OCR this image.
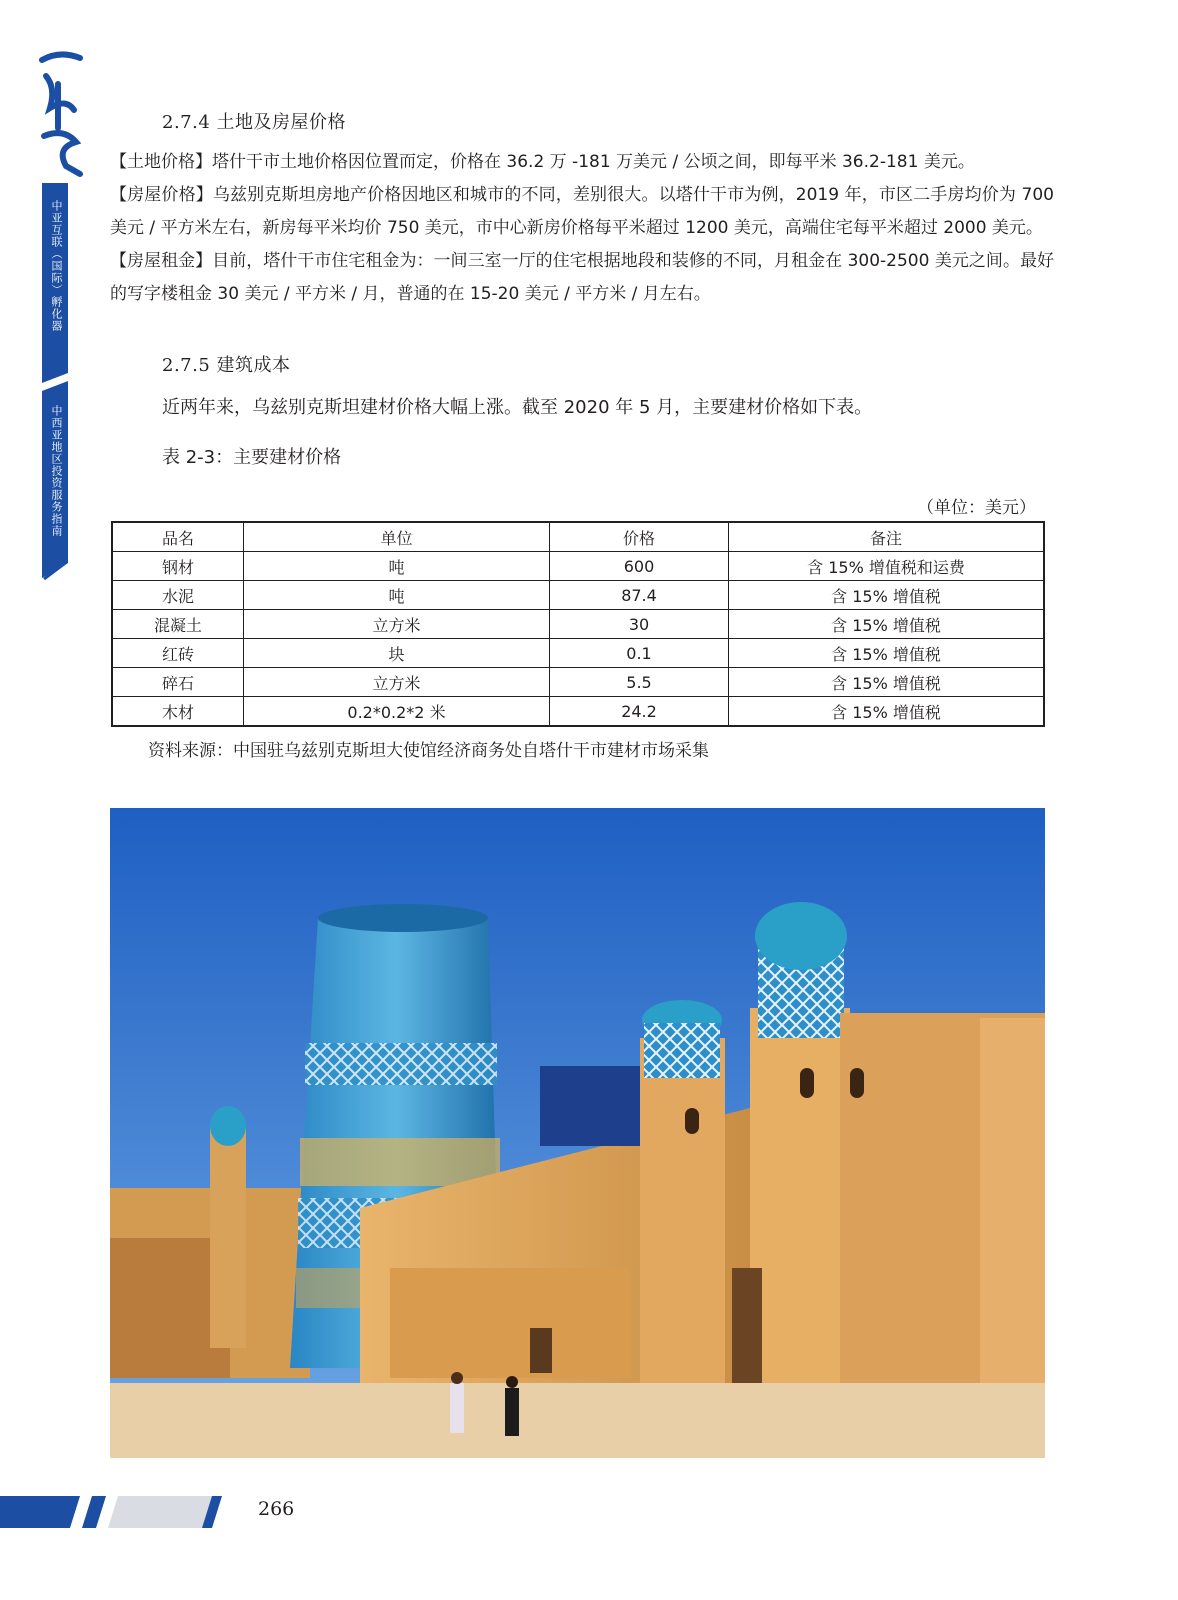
中亚互联（国际）孵化器
中西亚地区投资服务指南
2.7.4 土地及房屋价格

【土地价格】塔什干市土地价格因位置而定，价格在 36.2 万 -181 万美元 / 公顷之间，即每平米 36.2-181 美元。

【房屋价格】乌兹别克斯坦房地产价格因地区和城市的不同，差别很大。以塔什干市为例，2019 年，市区二手房均价为 700 美元 / 平方米左右，新房每平米均价 750 美元，市中心新房价格每平米超过 1200 美元，高端住宅每平米超过 2000 美元。

【房屋租金】目前，塔什干市住宅租金为：一间三室一厅的住宅根据地段和装修的不同，月租金在 300-2500 美元之间。最好的写字楼租金 30 美元 / 平方米 / 月，普通的在 15-20 美元 / 平方米 / 月左右。

2.7.5 建筑成本
近两年来，乌兹别克斯坦建材价格大幅上涨。截至 2020 年 5 月，主要建材价格如下表。
表 2-3：主要建材价格
（单位：美元）
品名	单位	价格	备注
钢材	吨	600	含 15% 增值税和运费
水泥	吨	87.4	含 15% 增值税
混凝土	立方米	30	含 15% 增值税
红砖	块	0.1	含 15% 增值税
碎石	立方米	5.5	含 15% 增值税
木材	0.2*0.2*2 米	24.2	含 15% 增值税
资料来源：中国驻乌兹别克斯坦大使馆经济商务处自塔什干市建材市场采集
266
